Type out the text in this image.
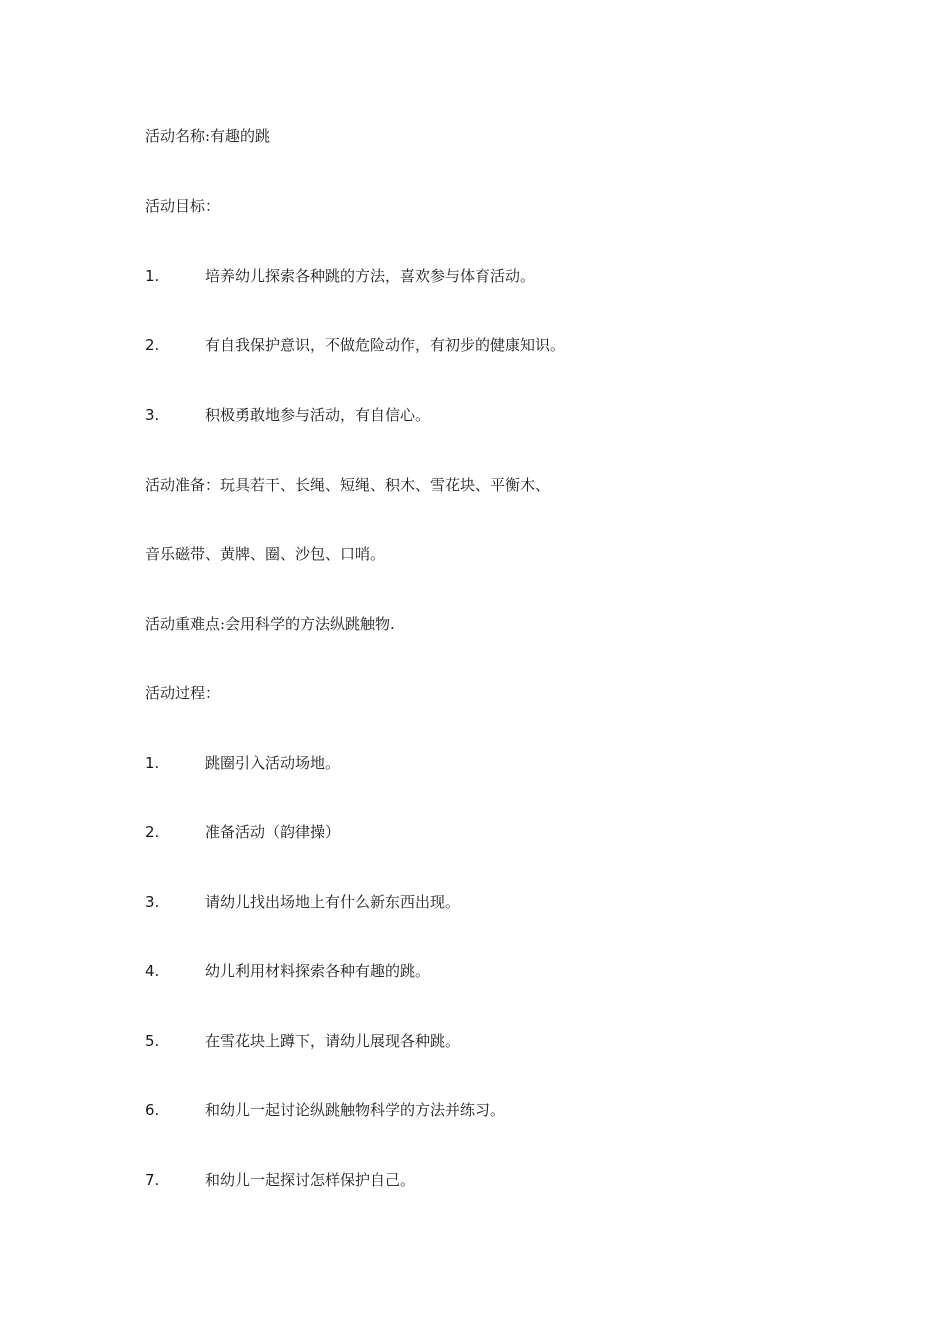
活动名称:有趣的跳
活动目标：
1.	培养幼儿探索各种跳的方法，喜欢参与体育活动。
2.	有自我保护意识，不做危险动作，有初步的健康知识。
3.	积极勇敢地参与活动，有自信心。
活动准备：玩具若干、长绳、短绳、积木、雪花块、平衡木、
音乐磁带、黄牌、圈、沙包、口哨。
活动重难点:会用科学的方法纵跳触物.
活动过程：
1.	跳圈引入活动场地。
2.	准备活动（韵律操）
3.	请幼儿找出场地上有什么新东西出现。
4.	幼儿利用材料探索各种有趣的跳。
5.	在雪花块上蹲下，请幼儿展现各种跳。
6.	和幼儿一起讨论纵跳触物科学的方法并练习。
7.	和幼儿一起探讨怎样保护自己。
